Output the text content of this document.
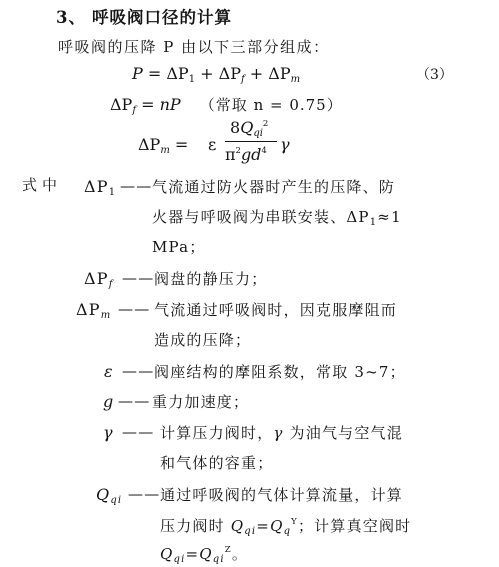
3、 呼吸阀口径的计算
呼吸阀的压降 P 由以下三部分组成：
$P = \Delta P_1 + \Delta P_f + \Delta P_m$	（3）
$\Delta P_f$ = nP （常取 n = 0.75）
$\Delta P_m = \varepsilon$
$8Q_{qi}^2$
$\pi^2gd^4$ γ
式中 $\Delta P_1$ —— 气流通过防火器时产生的压降、防
火器与呼吸阀为串联安装、$\Delta P_1\approx 1$
MPa；
$\Delta P_f$ —— 阀盘的静压力；
$\Delta P_m$ —— 气流通过呼吸阀时，因克服摩阻而
造成的压降；
ε —— 阀座结构的摩阻系数，常取 3~7；
g —— 重力加速度；
γ —— 计算压力阀时，γ 为油气与空气混
和气体的容重；
$Q_{qi}$ —— 通过呼吸阀的气体计算流量，计算
压力阀时 $Q_{qi}=Q_q^Y$；计算真空阀时
$Q_{qi}=Q_{qi}^Z$。
